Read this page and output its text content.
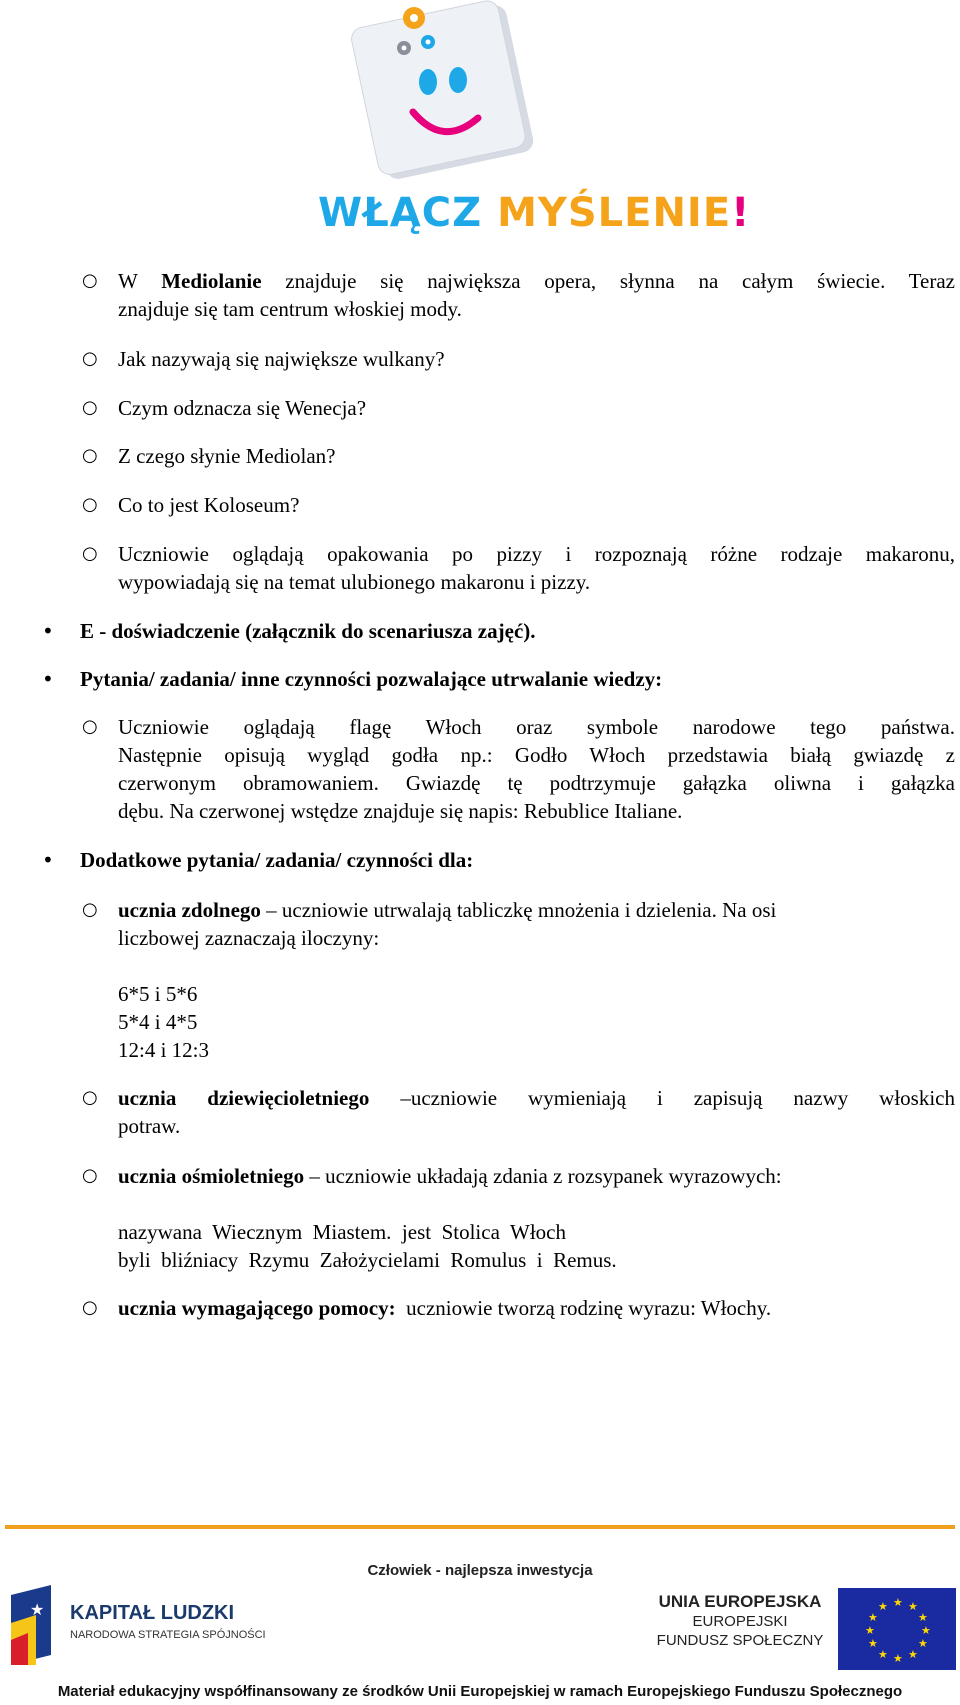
WŁĄCZ MYŚLENIE!
○ W Mediolanie znajduje się największa opera, słynna na całym świecie. Teraz
znajduje się tam centrum włoskiej mody.
○ Jak nazywają się największe wulkany?
○ Czym odznacza się Wenecja?
○ Z czego słynie Mediolan?
○ Co to jest Koloseum?
○ Uczniowie oglądają opakowania po pizzy i rozpoznają różne rodzaje makaronu,
wypowiadają się na temat ulubionego makaronu i pizzy.
• E - doświadczenie (załącznik do scenariusza zajęć).
• Pytania/ zadania/ inne czynności pozwalające utrwalanie wiedzy:
○ Uczniowie oglądają flagę Włoch oraz symbole narodowe tego państwa.
Następnie opisują wygląd godła np.: Godło Włoch przedstawia białą gwiazdę z
czerwonym obramowaniem. Gwiazdę tę podtrzymuje gałązka oliwna i gałązka
dębu. Na czerwonej wstędze znajduje się napis: Rebublice Italiane.
• Dodatkowe pytania/ zadania/ czynności dla:
○ ucznia zdolnego – uczniowie utrwalają tabliczkę mnożenia i dzielenia. Na osi
liczbowej zaznaczają iloczyny:
6*5 i 5*6
5*4 i 4*5
12:4 i 12:3
○ ucznia dziewięcioletniego –uczniowie wymieniają i zapisują nazwy włoskich
potraw.
○ ucznia ośmioletniego – uczniowie układają zdania z rozsypanek wyrazowych:
nazywana  Wiecznym  Miastem.  jest  Stolica  Włoch
byli  bliźniacy  Rzymu  Założycielami  Romulus  i  Remus.
○ ucznia wymagającego pomocy:  uczniowie tworzą rodzinę wyrazu: Włochy.
Człowiek - najlepsza inwestycja
★ KAPITAŁ LUDZKI
NARODOWA STRATEGIA SPÓJNOŚCI
UNIA EUROPEJSKA
EUROPEJSKI
FUNDUSZ SPOŁECZNY
★ ★
★
★
★
★
★
★
★
★
★
★
Materiał edukacyjny współfinansowany ze środków Unii Europejskiej w ramach Europejskiego Funduszu Społecznego
